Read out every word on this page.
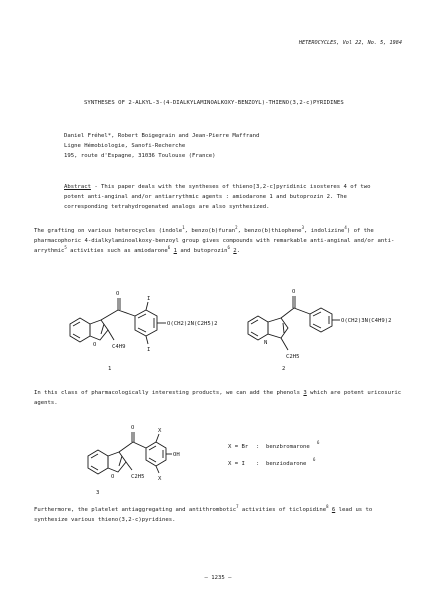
HETEROCYCLES, Vol 22, No. 5, 1984
SYNTHESES OF 2-ALKYL-3-(4-DIALKYLAMINOALKOXY-BENZOYL)-THIENO(3,2-c)PYRIDINES
Daniel Fréhel*, Robert Boigegrain and Jean-Pierre Maffrand
Ligne Hémobiologie, Sanofi-Recherche
195, route d'Espagne, 31036 Toulouse (France)
Abstract - This paper deals with the syntheses of thieno[3,2-c]pyridinic isosteres 4 of two potent anti-anginal and/or antiarrythmic agents : amiodarone 1 and butoprozin 2. The corresponding tetrahydrogenated analogs are also synthesized.
The grafting on various heterocycles (indole$^1$, benzo(b)furan$^2$, benzo(b)thiophene$^3$, indolizine$^4$) of the pharmacophoric 4-dialkylaminoalkoxy-benzoyl group gives compounds with remarkable anti-anginal and/or anti-arrythmic$^5$ activities such as amiodarone$^6$ 1 and butoprozin$^6$ 2.
O
I
I
O(CH2)2N(C2H5)2
O	C4H9
1
O
O(CH2)3N(C4H9)2
N
C2H5
2
In this class of pharmacologically interesting products, we can add the phenols 3 which are potent uricosuric agents.
O	X
X
OH
O	C2H5
3
X = Br : benzbromarone
6
X = I : benziodarone
6
Furthermore, the platelet antiaggregating and antithrombotic$^7$ activities of ticlopidine$^8$ 6 lead us to synthesize various thieno(3,2-c)pyridines.
— 1235 —
